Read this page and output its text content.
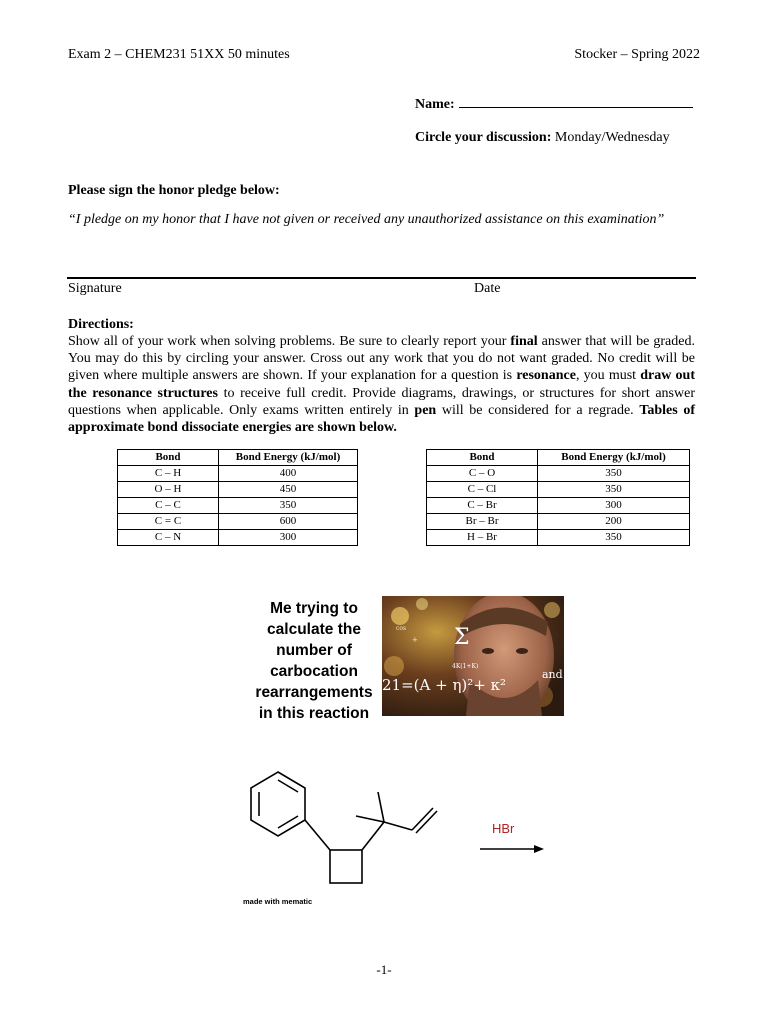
Exam 2 – CHEM231 51XX 50 minutes	Stocker – Spring 2022
Name:
Circle your discussion: Monday/Wednesday
Please sign the honor pledge below:
“I pledge on my honor that I have not given or received any unauthorized assistance on this examination”
Signature	Date
Directions:
Show all of your work when solving problems. Be sure to clearly report your final answer that will be graded. You may do this by circling your answer. Cross out any work that you do not want graded. No credit will be given where multiple answers are shown. If your explanation for a question is resonance, you must draw out the resonance structures to receive full credit. Provide diagrams, drawings, or structures for short answer questions when applicable. Only exams written entirely in pen will be considered for a regrade. Tables of approximate bond dissociate energies are shown below.
Bond	Bond Energy (kJ/mol)
C – H	400
O – H	450
C – C	350
C = C	600
C – N	300
Bond	Bond Energy (kJ/mol)
C – O	350
C – Cl	350
C – Br	300
Br – Br	200
H – Br	350
Me trying to calculate the number of carbocation rearrangements in this reaction
cos
+ Σ
4K(1+K)
21=(A + η)²+ κ²
and
HBr
made with mematic
-1-
